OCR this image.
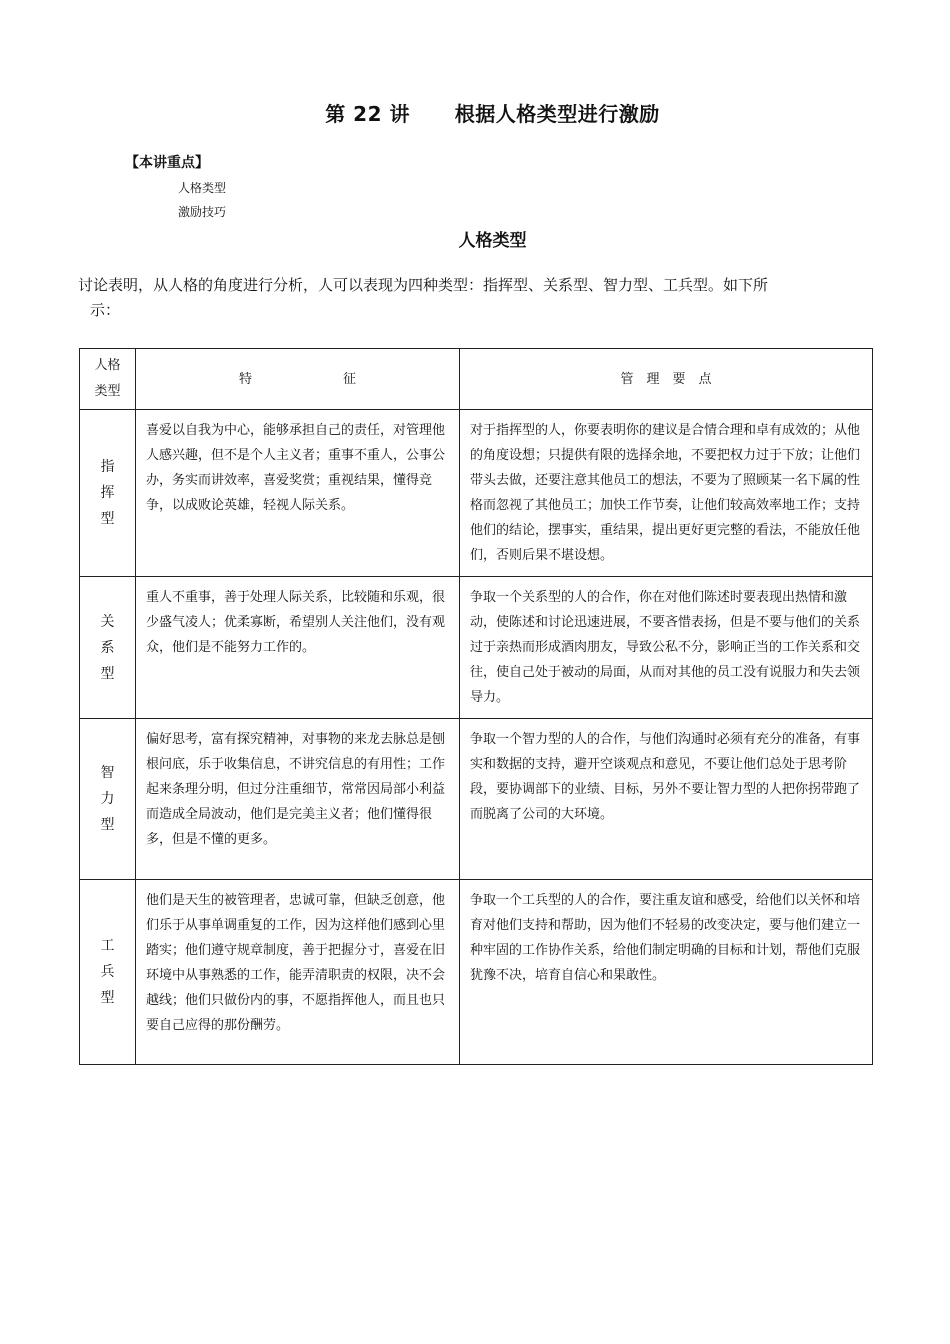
第 22 讲      根据人格类型进行激励
【本讲重点】
人格类型
激励技巧
人格类型

讨论表明，从人格的角度进行分析，人可以表现为四种类型：指挥型、关系型、智力型、工兵型。如下所
示：

人格类型	特　　　　　　　征	管　理　要　点
指挥型	喜爱以自我为中心，能够承担自己的责任，对管理他人感兴趣，但不是个人主义者；重事不重人，公事公办，务实而讲效率，喜爱奖赏；重视结果，懂得竞争，以成败论英雄，轻视人际关系。	对于指挥型的人，你要表明你的建议是合情合理和卓有成效的；从他的角度设想；只提供有限的选择余地，不要把权力过于下放；让他们带头去做，还要注意其他员工的想法，不要为了照顾某一名下属的性格而忽视了其他员工；加快工作节奏，让他们较高效率地工作；支持他们的结论，摆事实，重结果，提出更好更完整的看法，不能放任他们，否则后果不堪设想。
关系型	重人不重事，善于处理人际关系，比较随和乐观，很少盛气凌人；优柔寡断，希望别人关注他们，没有观众，他们是不能努力工作的。	争取一个关系型的人的合作，你在对他们陈述时要表现出热情和激动，使陈述和讨论迅速进展，不要吝惜表扬，但是不要与他们的关系过于亲热而形成酒肉朋友，导致公私不分，影响正当的工作关系和交往，使自己处于被动的局面，从而对其他的员工没有说服力和失去领导力。
智力型	偏好思考，富有探究精神，对事物的来龙去脉总是刨根问底，乐于收集信息，不讲究信息的有用性；工作起来条理分明，但过分注重细节，常常因局部小利益而造成全局波动，他们是完美主义者；他们懂得很多，但是不懂的更多。	争取一个智力型的人的合作，与他们沟通时必须有充分的准备，有事实和数据的支持，避开空谈观点和意见，不要让他们总处于思考阶段，要协调部下的业绩、目标，另外不要让智力型的人把你拐带跑了而脱离了公司的大环境。
工兵型	他们是天生的被管理者，忠诚可靠，但缺乏创意，他们乐于从事单调重复的工作，因为这样他们感到心里踏实；他们遵守规章制度，善于把握分寸，喜爱在旧环境中从事熟悉的工作，能弄清职责的权限，决不会越线；他们只做份内的事，不愿指挥他人，而且也只要自己应得的那份酬劳。	争取一个工兵型的人的合作，要注重友谊和感受，给他们以关怀和培育对他们支持和帮助，因为他们不轻易的改变决定，要与他们建立一种牢固的工作协作关系，给他们制定明确的目标和计划，帮他们克服犹豫不决，培育自信心和果敢性。
